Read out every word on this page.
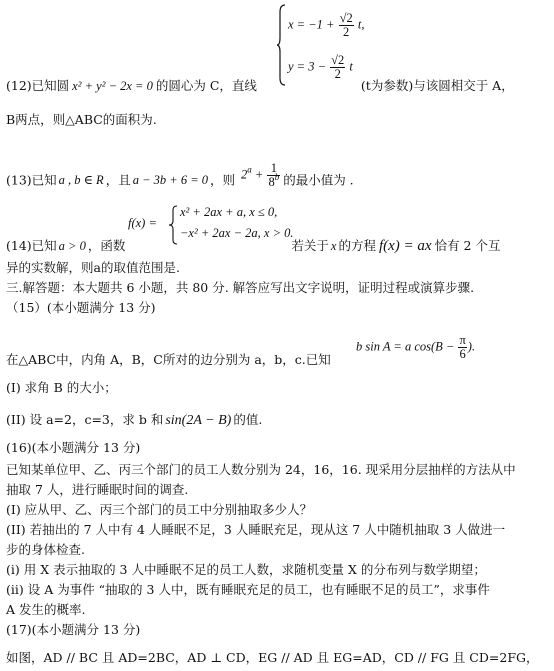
$x = -1 + \frac{√2}{2} t$,
$y = 3 - \frac{√2}{2}$ t
(12)已知圆 x² + y² − 2x = 0 的圆心为 C，直线	(t为参数)与该圆相交于 A，
B两点，则△ABC的面积为.
(13)已知 a , b ∈ R ，且 a − 3b + 6 = 0 ，则 $2^a + \frac{1}{8^b}$ 的最小值为 .
f(x) =
x² + 2ax + a, x ≤ 0,
−x² + 2ax − 2a, x > 0.
(14)已知 a > 0 ，函数	若关于 x 的方程 f(x) = ax 恰有 2 个互
异的实数解，则a的取值范围是.
三.解答题：本大题共 6 小题，共 80 分. 解答应写出文字说明，证明过程或演算步骤.
（15）(本小题满分 13 分)
b sin A = a $\cos(B - \frac{\pi}{6}$ ).
在△ABC中，内角 A，B，C所对的边分别为 a，b，c.已知
(I) 求角 B 的大小；
(II) 设 a=2，c=3，求 b 和 sin(2A − B) 的值.
(16)(本小题满分 13 分)
已知某单位甲、乙、丙三个部门的员工人数分别为 24，16，16. 现采用分层抽样的方法从中
抽取 7 人，进行睡眠时间的调查.
(I) 应从甲、乙、丙三个部门的员工中分别抽取多少人？
(II) 若抽出的 7 人中有 4 人睡眠不足，3 人睡眠充足，现从这 7 人中随机抽取 3 人做进一
步的身体检查.
(i) 用 X 表示抽取的 3 人中睡眠不足的员工人数，求随机变量 X 的分布列与数学期望；
(ii) 设 A 为事件 “抽取的 3 人中，既有睡眠充足的员工，也有睡眠不足的员工”，求事件
A 发生的概率.
(17)(本小题满分 13 分)
如图，AD // BC 且 AD=2BC，AD ⊥ CD，EG // AD 且 EG=AD，CD // FG 且 CD=2FG，
